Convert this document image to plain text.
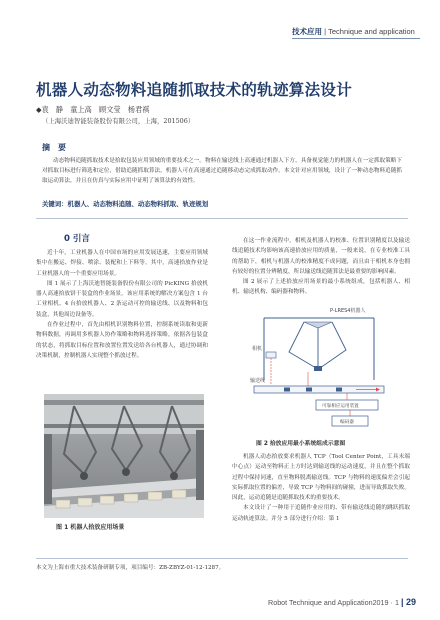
技术应用 | Technique and application
机器人动态物料追随抓取技术的轨迹算法设计
◆袁　静　童上高　顾文莹　杨君祺
（上海沃迪智能装备股份有限公司，上海，201506）
摘　要
动态物料追随抓取技术是拾取包装应用领域的重要技术之一。物料在输送线上高速通过机器人下方，具备视觉能力的机器人在一定抓取策略下对抓取目标进行筛选和定位，借助追随抓取算法，机器人可在高速通过追随移动态完成抓取动作。本文针对应用领域，设计了一种动态物料追随抓取运动算法，并且在仿真与实际应用中证明了该算法的有效性。
关键词：机器人、动态物料追随、动态物料抓取、轨迹规划
0 引言

近十年，工业机器人在中国市场的应用发展迅速，主要应用领域集中在搬运、焊接、喷涂、装配和上下料等。其中，高速拾放作业是工业机器人的一个重要应用场景。

图 1 展示了上海沃迪智能装备股份有限公司的 PicKING 拾放机器人高速拾放饼干装盒的作业场景。该应用系统的解决方案包含 1 台工业相机、4 台拾放机器人、2 条运动可控的输送线、以及物料和包装盒，其他周边设备等。

在作业过程中，首先由相机识别物料位置，控制系统读取和更新物料数据，再调用多机器人协作策略和物料选择策略，依据各包装盒的状态，将抓取目标位置和放置位置发送给各台机器人，通过协调和决策机制，控制机器人实现整个抓放过程。

图 1 机器人拾放应用场景

在这一作业流程中，相机及机器人的校准、位置识别精度以及输送线追随技术均影响该高速拾放应用的质量，一般来说，在专业校准工具的帮助下，相机与机器人的校准精度不成问题，而且由于相机本身也拥有较好的位置分辨精度，所以输送线追随算法是最重要的影响因素。

图 2 展示了上述拾放应用场景的最小系统组成，包括机器人、相机、输送机构、编码器和物料。

P-LRES4机器人
相机
输送线
可靠相应运用装置
编码器
图 2 拾放应用最小系统组成示意图

机器人动态拾放要求机器人 TCP（Tool Center Point，工具末端中心点）运动至物料正上方时达到输送线的运动速度，并且在整个抓取过程中保持同速，直至物料脱离输送线。TCP 与物料的速度偏差会引起实际抓取位置的偏差，导致 TCP 与物料间的碰撞，进而导致抓取失败。因此，运动追随是追随抓取技术的重要技术。

本文设计了一种用于追随作业应用的、带有输送线追随的跳跃抓取运动轨迹算法。并分 5 部分进行介绍：第 1

本文为上海市重大技术装备研制专项，项目编号：ZB-ZBYZ-01-12-1287。
Robot Technique and Application2019 · 1 | 29
